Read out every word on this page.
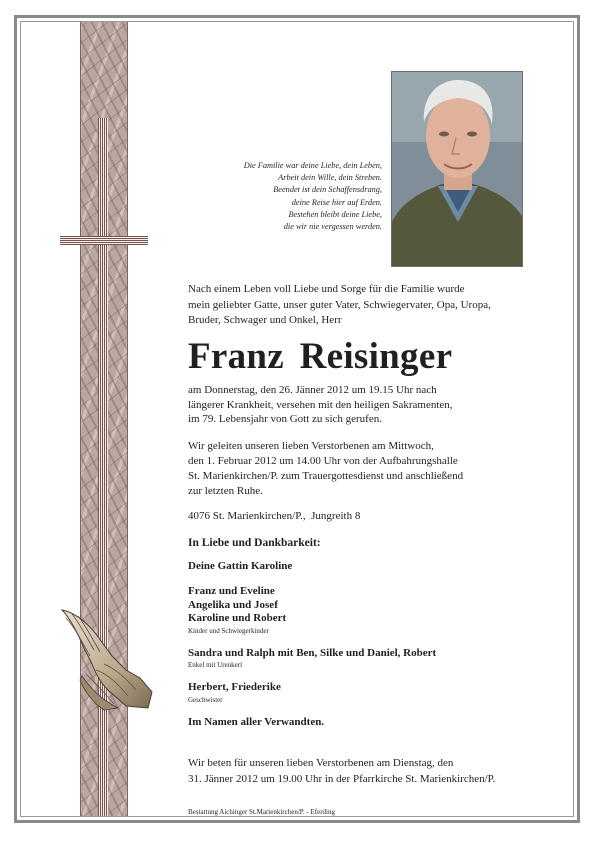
Die Familie war deine Liebe, dein Leben,
Arbeit dein Wille, dein Streben.
Beendet ist dein Schaffensdrang,
deine Reise hier auf Erden.
Bestehen bleibt deine Liebe,
die wir nie vergessen werden.
Nach einem Leben voll Liebe und Sorge für die Familie wurde
mein geliebter Gatte, unser guter Vater, Schwiegervater, Opa, Uropa,
Bruder, Schwager und Onkel, Herr
Franz Reisinger
am Donnerstag, den 26. Jänner 2012 um 19.15 Uhr nach
längerer Krankheit, versehen mit den heiligen Sakramenten,
im 79. Lebensjahr von Gott zu sich gerufen.
Wir geleiten unseren lieben Verstorbenen am Mittwoch,
den 1. Februar 2012 um 14.00 Uhr von der Aufbahrungshalle
St. Marienkirchen/P. zum Trauergottesdienst und anschließend
zur letzten Ruhe.
4076 St. Marienkirchen/P.,  Jungreith 8
In Liebe und Dankbarkeit:
Deine Gattin Karoline
Franz und Eveline
Angelika und Josef
Karoline und Robert
Kinder und Schwiegerkinder
Sandra und Ralph mit Ben, Silke und Daniel, Robert
Enkel mit Urenkerl
Herbert, Friederike
Geschwister
Im Namen aller Verwandten.
Wir beten für unseren lieben Verstorbenen am Dienstag, den
31. Jänner 2012 um 19.00 Uhr in der Pfarrkirche St. Marienkirchen/P.
Bestattung Aichinger St.Marienkirchen/P. - Eferding
